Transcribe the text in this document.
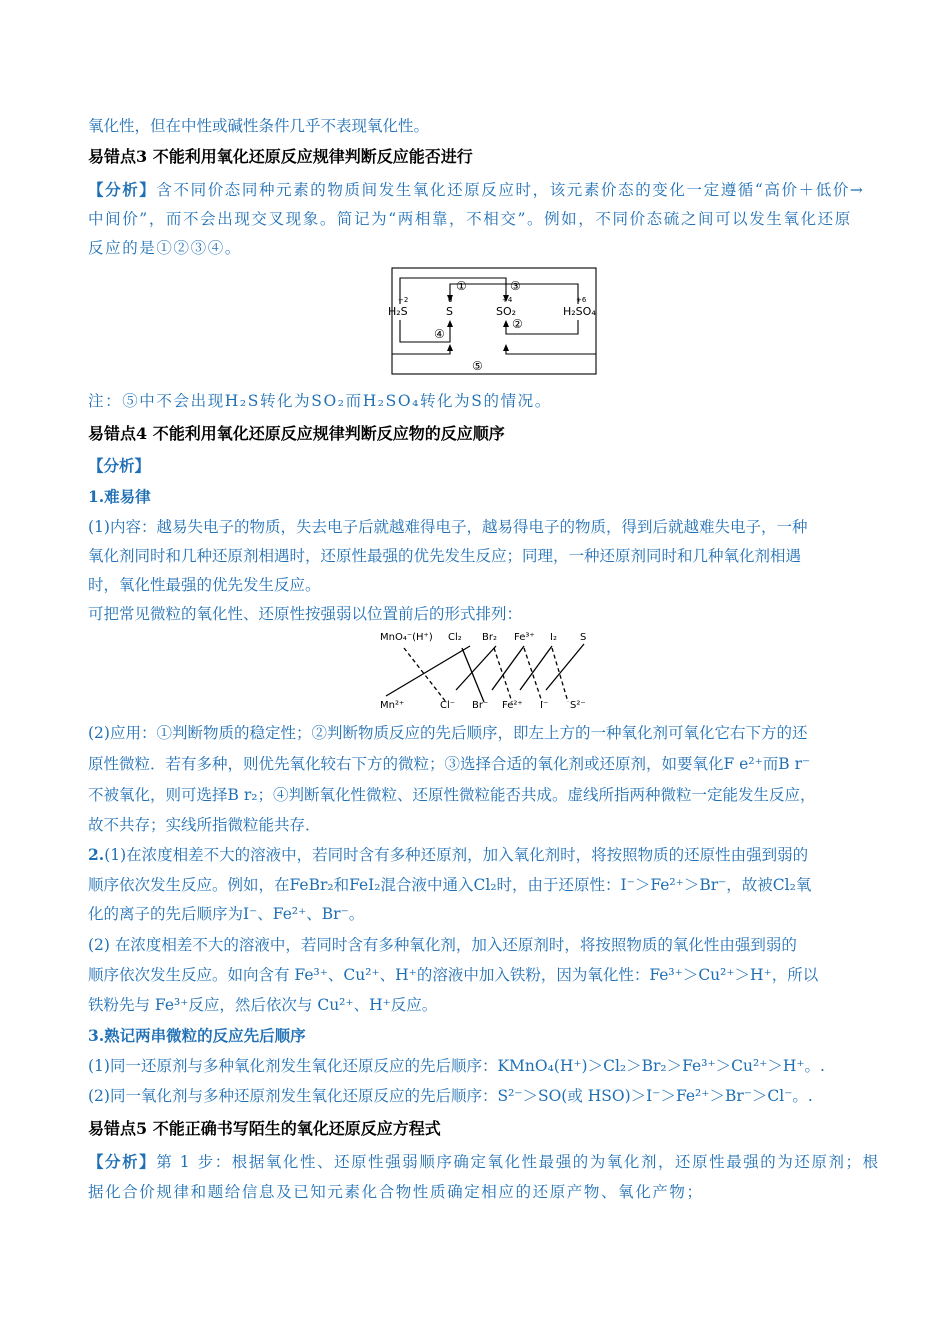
氧化性，但在中性或碱性条件几乎不表现氧化性。
易错点3 不能利用氧化还原反应规律判断反应能否进行
【分析】含不同价态同种元素的物质间发生氧化还原反应时，该元素价态的变化一定遵循“高价＋低价→
中间价”，而不会出现交叉现象。简记为“两相靠，不相交”。例如，不同价态硫之间可以发生氧化还原
反应的是①②③④。
①
②
③
④
⑤
−2	0	+4	+6
H₂S	S	SO₂	H₂SO₄
注：⑤中不会出现H₂S转化为SO₂而H₂SO₄转化为S的情况。
易错点4 不能利用氧化还原反应规律判断反应物的反应顺序
【分析】
1.难易律
(1)内容：越易失电子的物质，失去电子后就越难得电子，越易得电子的物质，得到后就越难失电子，一种
氧化剂同时和几种还原剂相遇时，还原性最强的优先发生反应；同理，一种还原剂同时和几种氧化剂相遇
时，氧化性最强的优先发生反应。
可把常见微粒的氧化性、还原性按强弱以位置前后的形式排列：
MnO₄⁻(H⁺) Cl₂ Br₂ Fe³⁺ I₂ S
Mn²⁺	Cl⁻ Br⁻ Fe²⁺ I⁻ S²⁻
(2)应用：①判断物质的稳定性；②判断物质反应的先后顺序，即左上方的一种氧化剂可氧化它右下方的还
原性微粒．若有多种，则优先氧化较右下方的微粒；③选择合适的氧化剂或还原剂，如要氧化F e²⁺而B r⁻
不被氧化，则可选择B r₂；④判断氧化性微粒、还原性微粒能否共成。虚线所指两种微粒一定能发生反应，
故不共存；实线所指微粒能共存．
2.(1)在浓度相差不大的溶液中，若同时含有多种还原剂，加入氧化剂时，将按照物质的还原性由强到弱的
顺序依次发生反应。例如，在FeBr₂和FeI₂混合液中通入Cl₂时，由于还原性：I⁻＞Fe²⁺＞Br⁻，故被Cl₂氧
化的离子的先后顺序为I⁻、Fe²⁺、Br⁻。
(2) 在浓度相差不大的溶液中，若同时含有多种氧化剂，加入还原剂时，将按照物质的氧化性由强到弱的
顺序依次发生反应。如向含有 Fe³⁺、Cu²⁺、H⁺的溶液中加入铁粉，因为氧化性：Fe³⁺＞Cu²⁺＞H⁺，所以
铁粉先与 Fe³⁺反应，然后依次与 Cu²⁺、H⁺反应。
3.熟记两串微粒的反应先后顺序
(1)同一还原剂与多种氧化剂发生氧化还原反应的先后顺序：KMnO₄(H⁺)＞Cl₂＞Br₂＞Fe³⁺＞Cu²⁺＞H⁺。.
(2)同一氧化剂与多种还原剂发生氧化还原反应的先后顺序：S²⁻＞SO(或 HSO)＞I⁻＞Fe²⁺＞Br⁻＞Cl⁻。.
易错点5 不能正确书写陌生的氧化还原反应方程式
【分析】第 1 步：根据氧化性、还原性强弱顺序确定氧化性最强的为氧化剂，还原性最强的为还原剂；根
据化合价规律和题给信息及已知元素化合物性质确定相应的还原产物、氧化产物；
